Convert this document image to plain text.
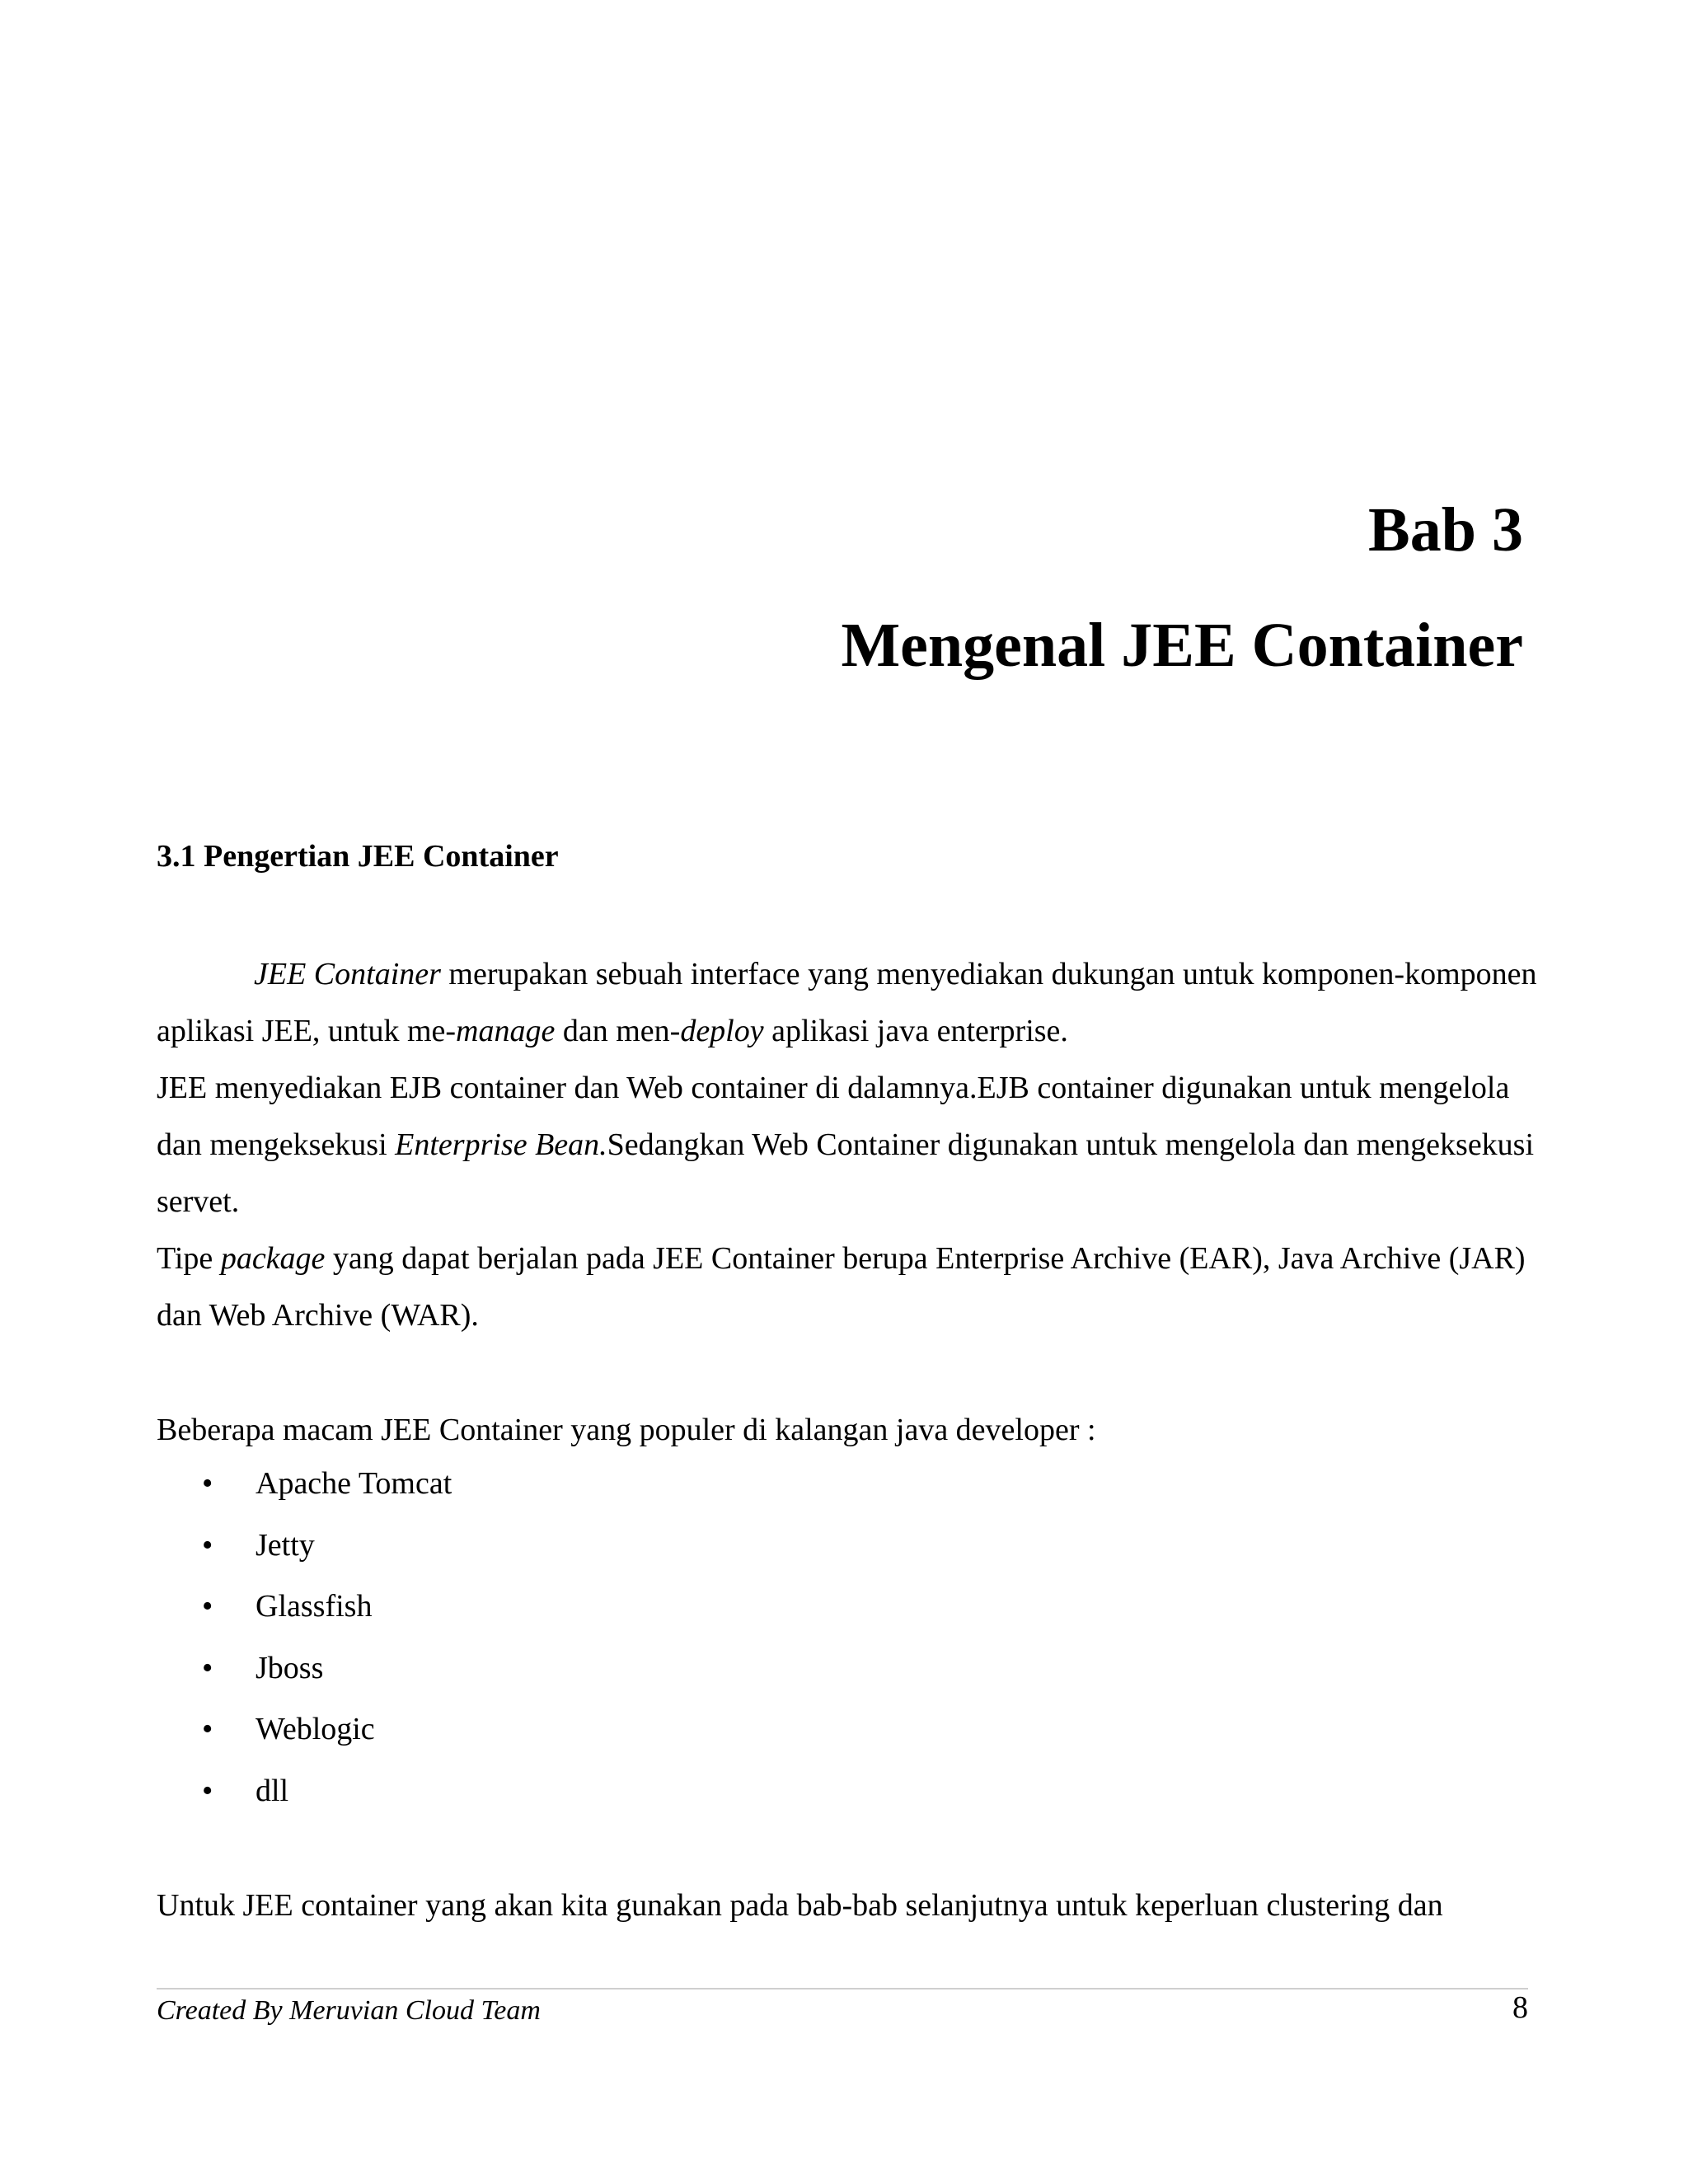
Bab 3
Mengenal JEE Container
3.1 Pengertian JEE Container
JEE Container merupakan sebuah interface yang menyediakan dukungan untuk komponen-komponen aplikasi JEE, untuk me-manage dan men-deploy aplikasi java enterprise.
JEE menyediakan EJB container dan Web container di dalamnya.EJB container digunakan untuk mengelola dan mengeksekusi Enterprise Bean.Sedangkan Web Container digunakan untuk mengelola dan mengeksekusi servet.
Tipe package yang dapat berjalan pada JEE Container berupa Enterprise Archive (EAR), Java Archive (JAR) dan Web Archive (WAR).
Beberapa macam JEE Container yang populer di kalangan java developer :
• Apache Tomcat
• Jetty
• Glassfish
• Jboss
• Weblogic
• dll
Untuk JEE container yang akan kita gunakan pada bab-bab selanjutnya untuk keperluan clustering dan
Created By Meruvian Cloud Team	8
